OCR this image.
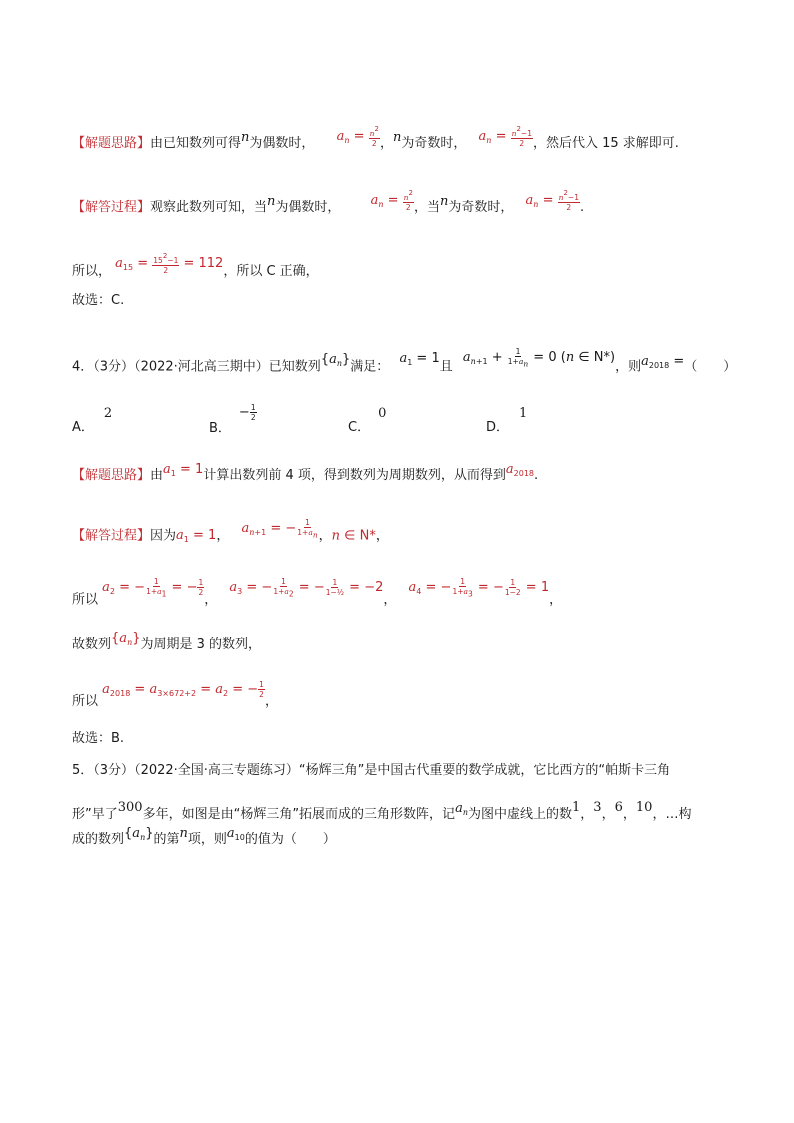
【解题思路】由已知数列可得n为偶数时， $a_n = \frac{n^2}{2}$ ，n为奇数时， $a_n = \frac{n^2-1}{2}$ ，然后代入 15 求解即可.
【解答过程】观察此数列可知，当n为偶数时， $a_n = \frac{n^2}{2}$ ，当n为奇数时， $a_n = \frac{n^2-1}{2}$ .
所以， $a_{15} = \frac{15^2-1}{2} = 112$，所以 C 正确，
故选：C.
4．（3分）（2022·河北高三期中）已知数列$\{a_n\}$满足： $a_1 = 1$且 $a_{n+1} + \frac{1}{1+a_n} = 0$ (n ∈ N*)，则$a_{2018}$ =（　　）
A．2
B．− $\frac{1}{2}$
C．0
D．1
【解题思路】由$a_1 = 1$计算出数列前 4 项，得到数列为周期数列，从而得到$a_{2018}$.
【解答过程】因为$a_1 = 1$， $a_{n+1}$ = − $\frac{1}{1+a_n}$ ，n ∈ N*，
所以 $a_2$ = − $\frac{1}{1+a_1}$ = − $\frac{1}{2}$
， $a_3$ = − $\frac{1}{1+a_2}$ = − $\frac{1}{\text{1−½}} = -2$， $a_4$ = − $\frac{1}{1+a_3}$ = − $\frac{1}{1-2} = 1$，
故数列$\{a_n\}$为周期是 3 的数列，
所以 $a_{2018} = a_{3\times 672+2} = a_2$ = − $\frac{1}{2}$
，
故选：B.
5．（3分）（2022·全国·高三专题练习）“杨辉三角”是中国古代重要的数学成就，它比西方的“帕斯卡三角
形”早了300多年，如图是由“杨辉三角”拓展而成的三角形数阵，记$a_n$为图中虚线上的数1，3，6，10，…构
成的数列$\{a_n\}$的第n项，则$a_{10}$的值为（　　）
